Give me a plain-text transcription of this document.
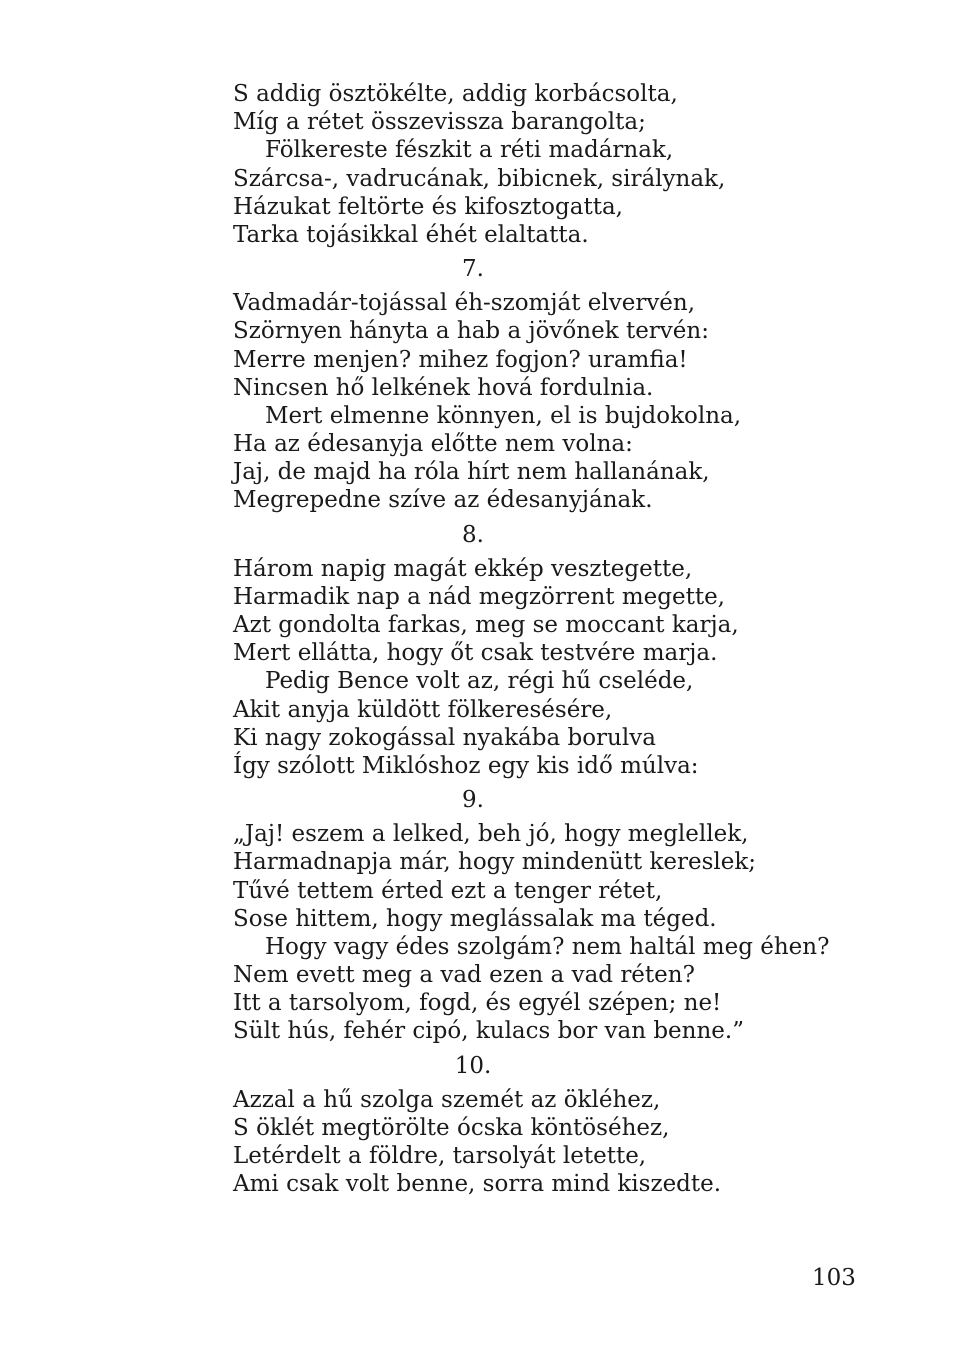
S addig ösztökélte, addig korbácsolta,
Míg a rétet összevissza barangolta;
Fölkereste fészkit a réti madárnak,
Szárcsa-, vadrucának, bibicnek, sirálynak,
Házukat feltörte és kifosztogatta,
Tarka tojásikkal éhét elaltatta.
7.
Vadmadár-tojással éh-szomját elvervén,
Szörnyen hányta a hab a jövőnek tervén:
Merre menjen? mihez fogjon? uramfia!
Nincsen hő lelkének hová fordulnia.
Mert elmenne könnyen, el is bujdokolna,
Ha az édesanyja előtte nem volna:
Jaj, de majd ha róla hírt nem hallanának,
Megrepedne szíve az édesanyjának.
8.
Három napig magát ekkép vesztegette,
Harmadik nap a nád megzörrent megette,
Azt gondolta farkas, meg se moccant karja,
Mert ellátta, hogy őt csak testvére marja.
Pedig Bence volt az, régi hű cseléde,
Akit anyja küldött fölkeresésére,
Ki nagy zokogással nyakába borulva
Így szólott Miklóshoz egy kis idő múlva:
9.
„Jaj! eszem a lelked, beh jó, hogy meglellek,
Harmadnapja már, hogy mindenütt kereslek;
Tűvé tettem érted ezt a tenger rétet,
Sose hittem, hogy meglássalak ma téged.
Hogy vagy édes szolgám? nem haltál meg éhen?
Nem evett meg a vad ezen a vad réten?
Itt a tarsolyom, fogd, és egyél szépen; ne!
Sült hús, fehér cipó, kulacs bor van benne.”
10.
Azzal a hű szolga szemét az ökléhez,
S öklét megtörölte ócska köntöséhez,
Letérdelt a földre, tarsolyát letette,
Ami csak volt benne, sorra mind kiszedte.
103
